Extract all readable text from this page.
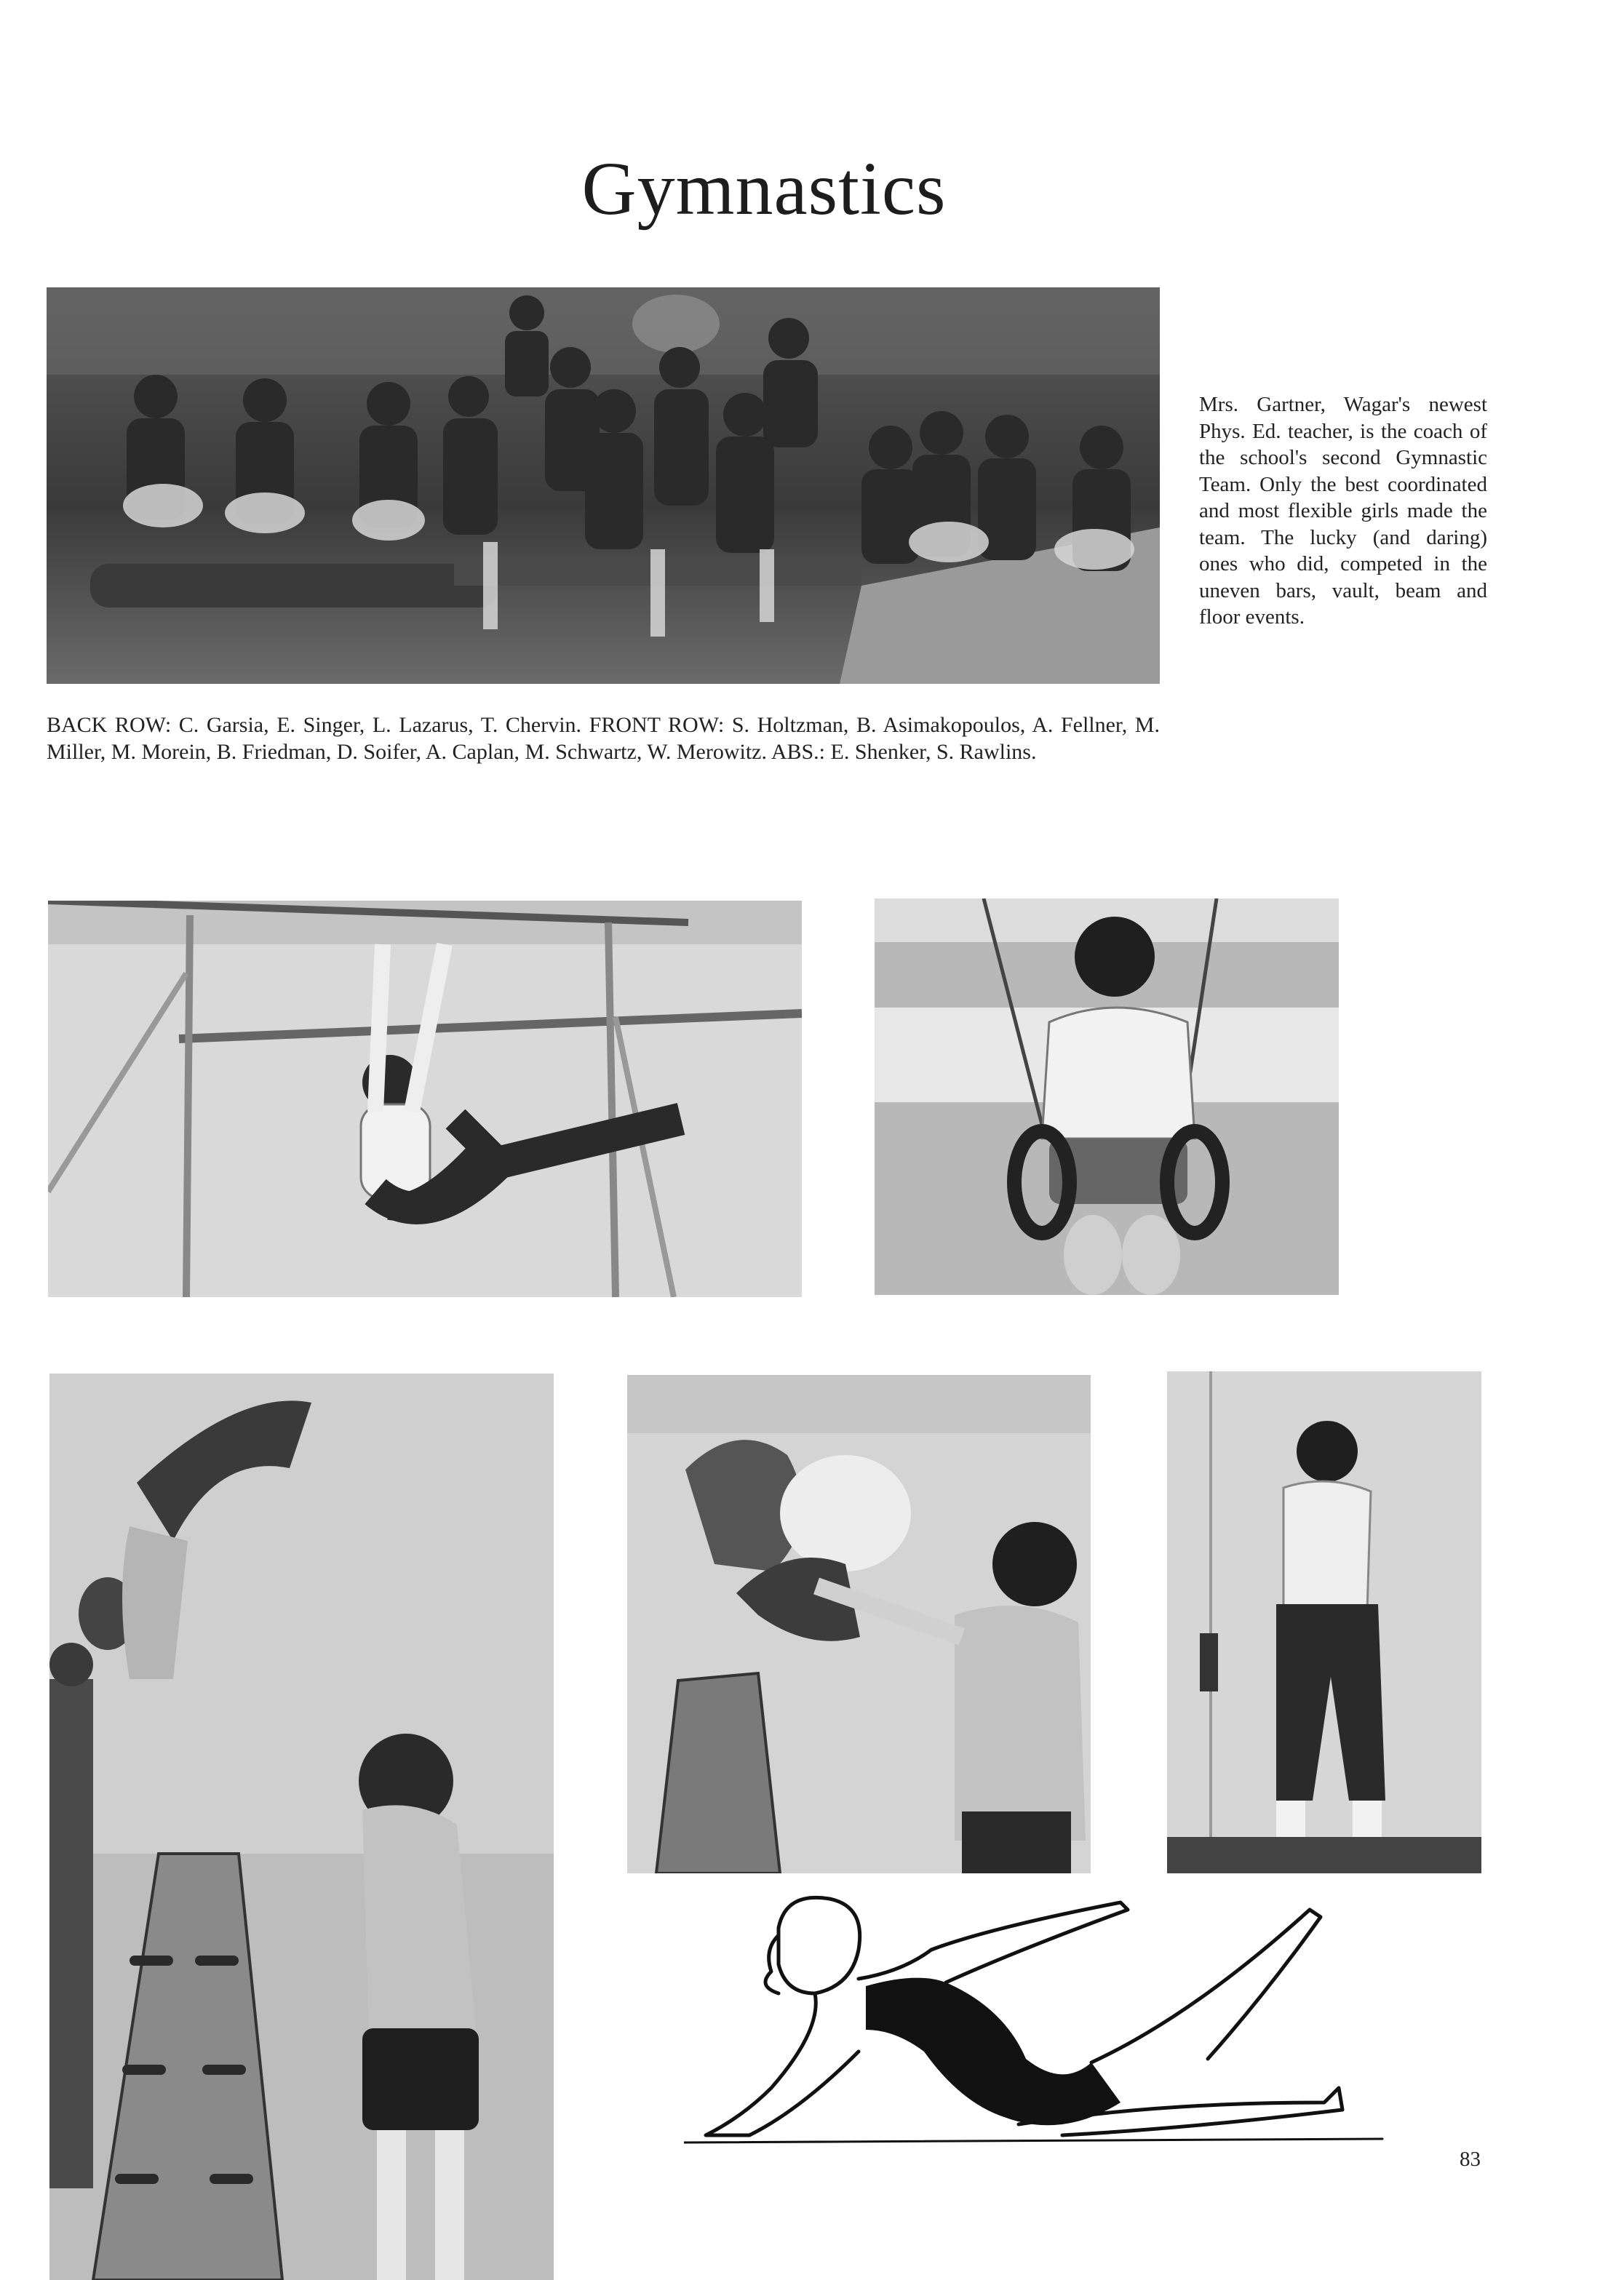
Gymnastics
Mrs. Gartner, Wagar's newest Phys. Ed. teacher, is the coach of the school's second Gymnastic Team. Only the best coordinated and most flexible girls made the team. The lucky (and daring) ones who did, competed in the uneven bars, vault, beam and floor events.
BACK ROW: C. Garsia, E. Singer, L. Lazarus, T. Chervin. FRONT ROW: S. Holtzman, B. Asimakopoulos, A. Fellner, M. Miller, M. Morein, B. Friedman, D. Soifer, A. Caplan, M. Schwartz, W. Merowitz. ABS.: E. Shenker, S. Rawlins.
83
